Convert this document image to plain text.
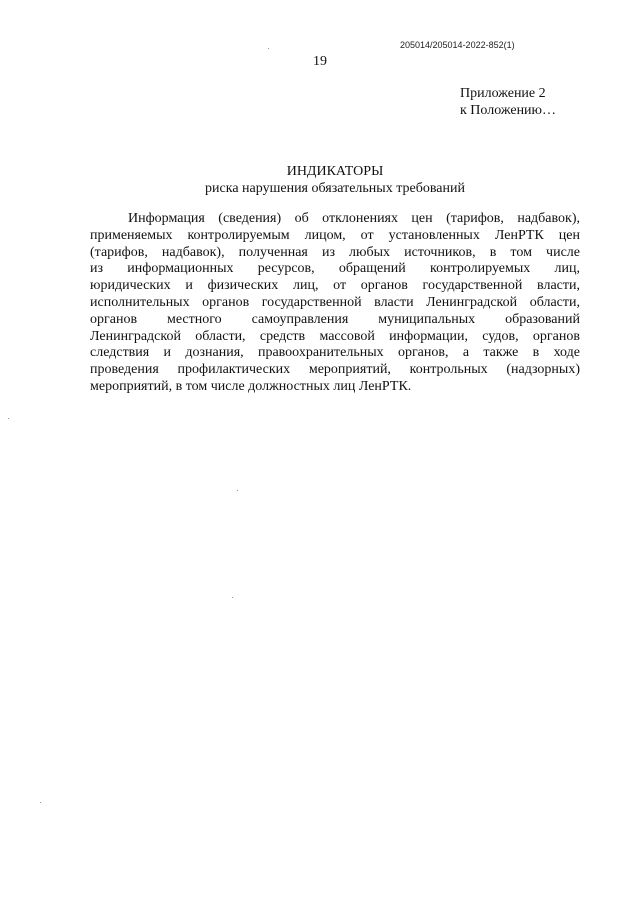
205014/205014-2022-852(1)
19
Приложение 2
к Положению…
ИНДИКАТОРЫ
риска нарушения обязательных требований
Информация (сведения) об отклонениях цен (тарифов, надбавок),
применяемых контролируемым лицом, от установленных ЛенРТК цен
(тарифов, надбавок), полученная из любых источников, в том числе
из информационных ресурсов, обращений контролируемых лиц,
юридических и физических лиц, от органов государственной власти,
исполнительных органов государственной власти Ленинградской области,
органов местного самоуправления муниципальных образований
Ленинградской области, средств массовой информации, судов, органов
следствия и дознания, правоохранительных органов, а также в ходе
проведения профилактических мероприятий, контрольных (надзорных)
мероприятий, в том числе должностных лиц ЛенРТК.
